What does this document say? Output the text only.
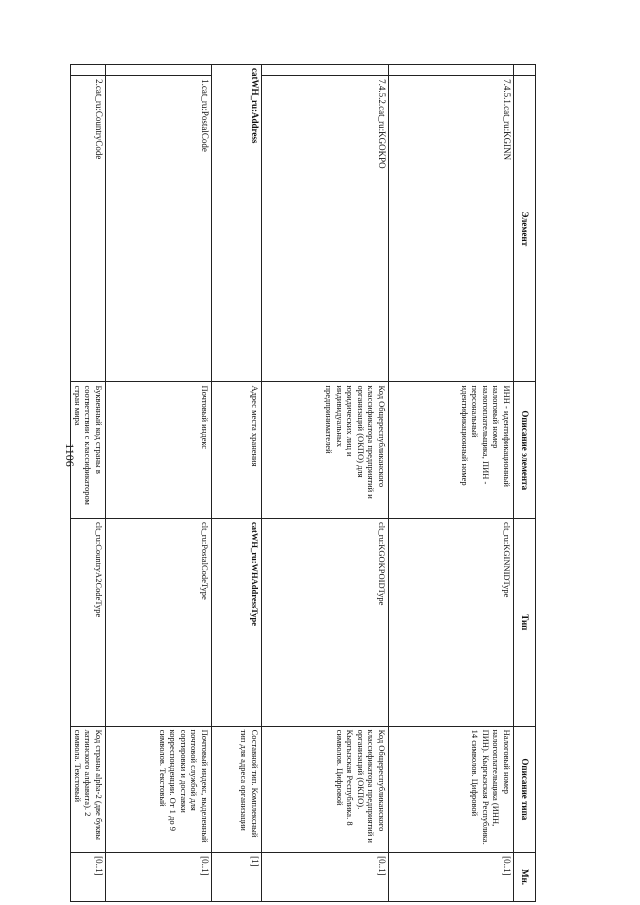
1106
	Элемент	Описание элемента	Тип	Описание типа	Мн.
	7.4.5.1.cat_ru:KGINN	ИНН - идентификационный налоговый номер налогоплательщика, ПИН - персональный идентификационный номер	clt_ru:KGINNIDType	Налоговый номер налогоплательщика (ИНН, ПИН). Кыргызская Республика. 14 символов. Цифровой	[0..1]
	7.4.5.2.cat_ru:KGOKPO	Код Общереспубликанского классификатора предприятий и организаций (ОКПО) для юридических лиц и индивидуальных предпринимателей	clt_ru:KGOKPOIDType	Код Общереспубликанского классификатора предприятий и организаций (ОКПО). Кыргызская Республика. 8 символов. Цифровой	[0..1]
catWH_ru:Address		Адрес места хранения	catWH_ru:WHAddressType	Составной тип. Комплексный тип для адреса организации	[1]
	1.cat_ru:PostalCode	Почтовый индекс	clt_ru:PostalCodeType	Почтовый индекс, выделенный почтовой службой для сортировки и доставки корреспонденции. От 1 до 9 символов. Текстовый	[0..1]
	2.cat_ru:CountryCode	Буквенный код страны в соответствии с классификатором стран мира	clt_ru:CountryA2CodeType	Код страны alpha-2 (две буквы латинского алфавита). 2 символа. Текстовый	[0..1]
